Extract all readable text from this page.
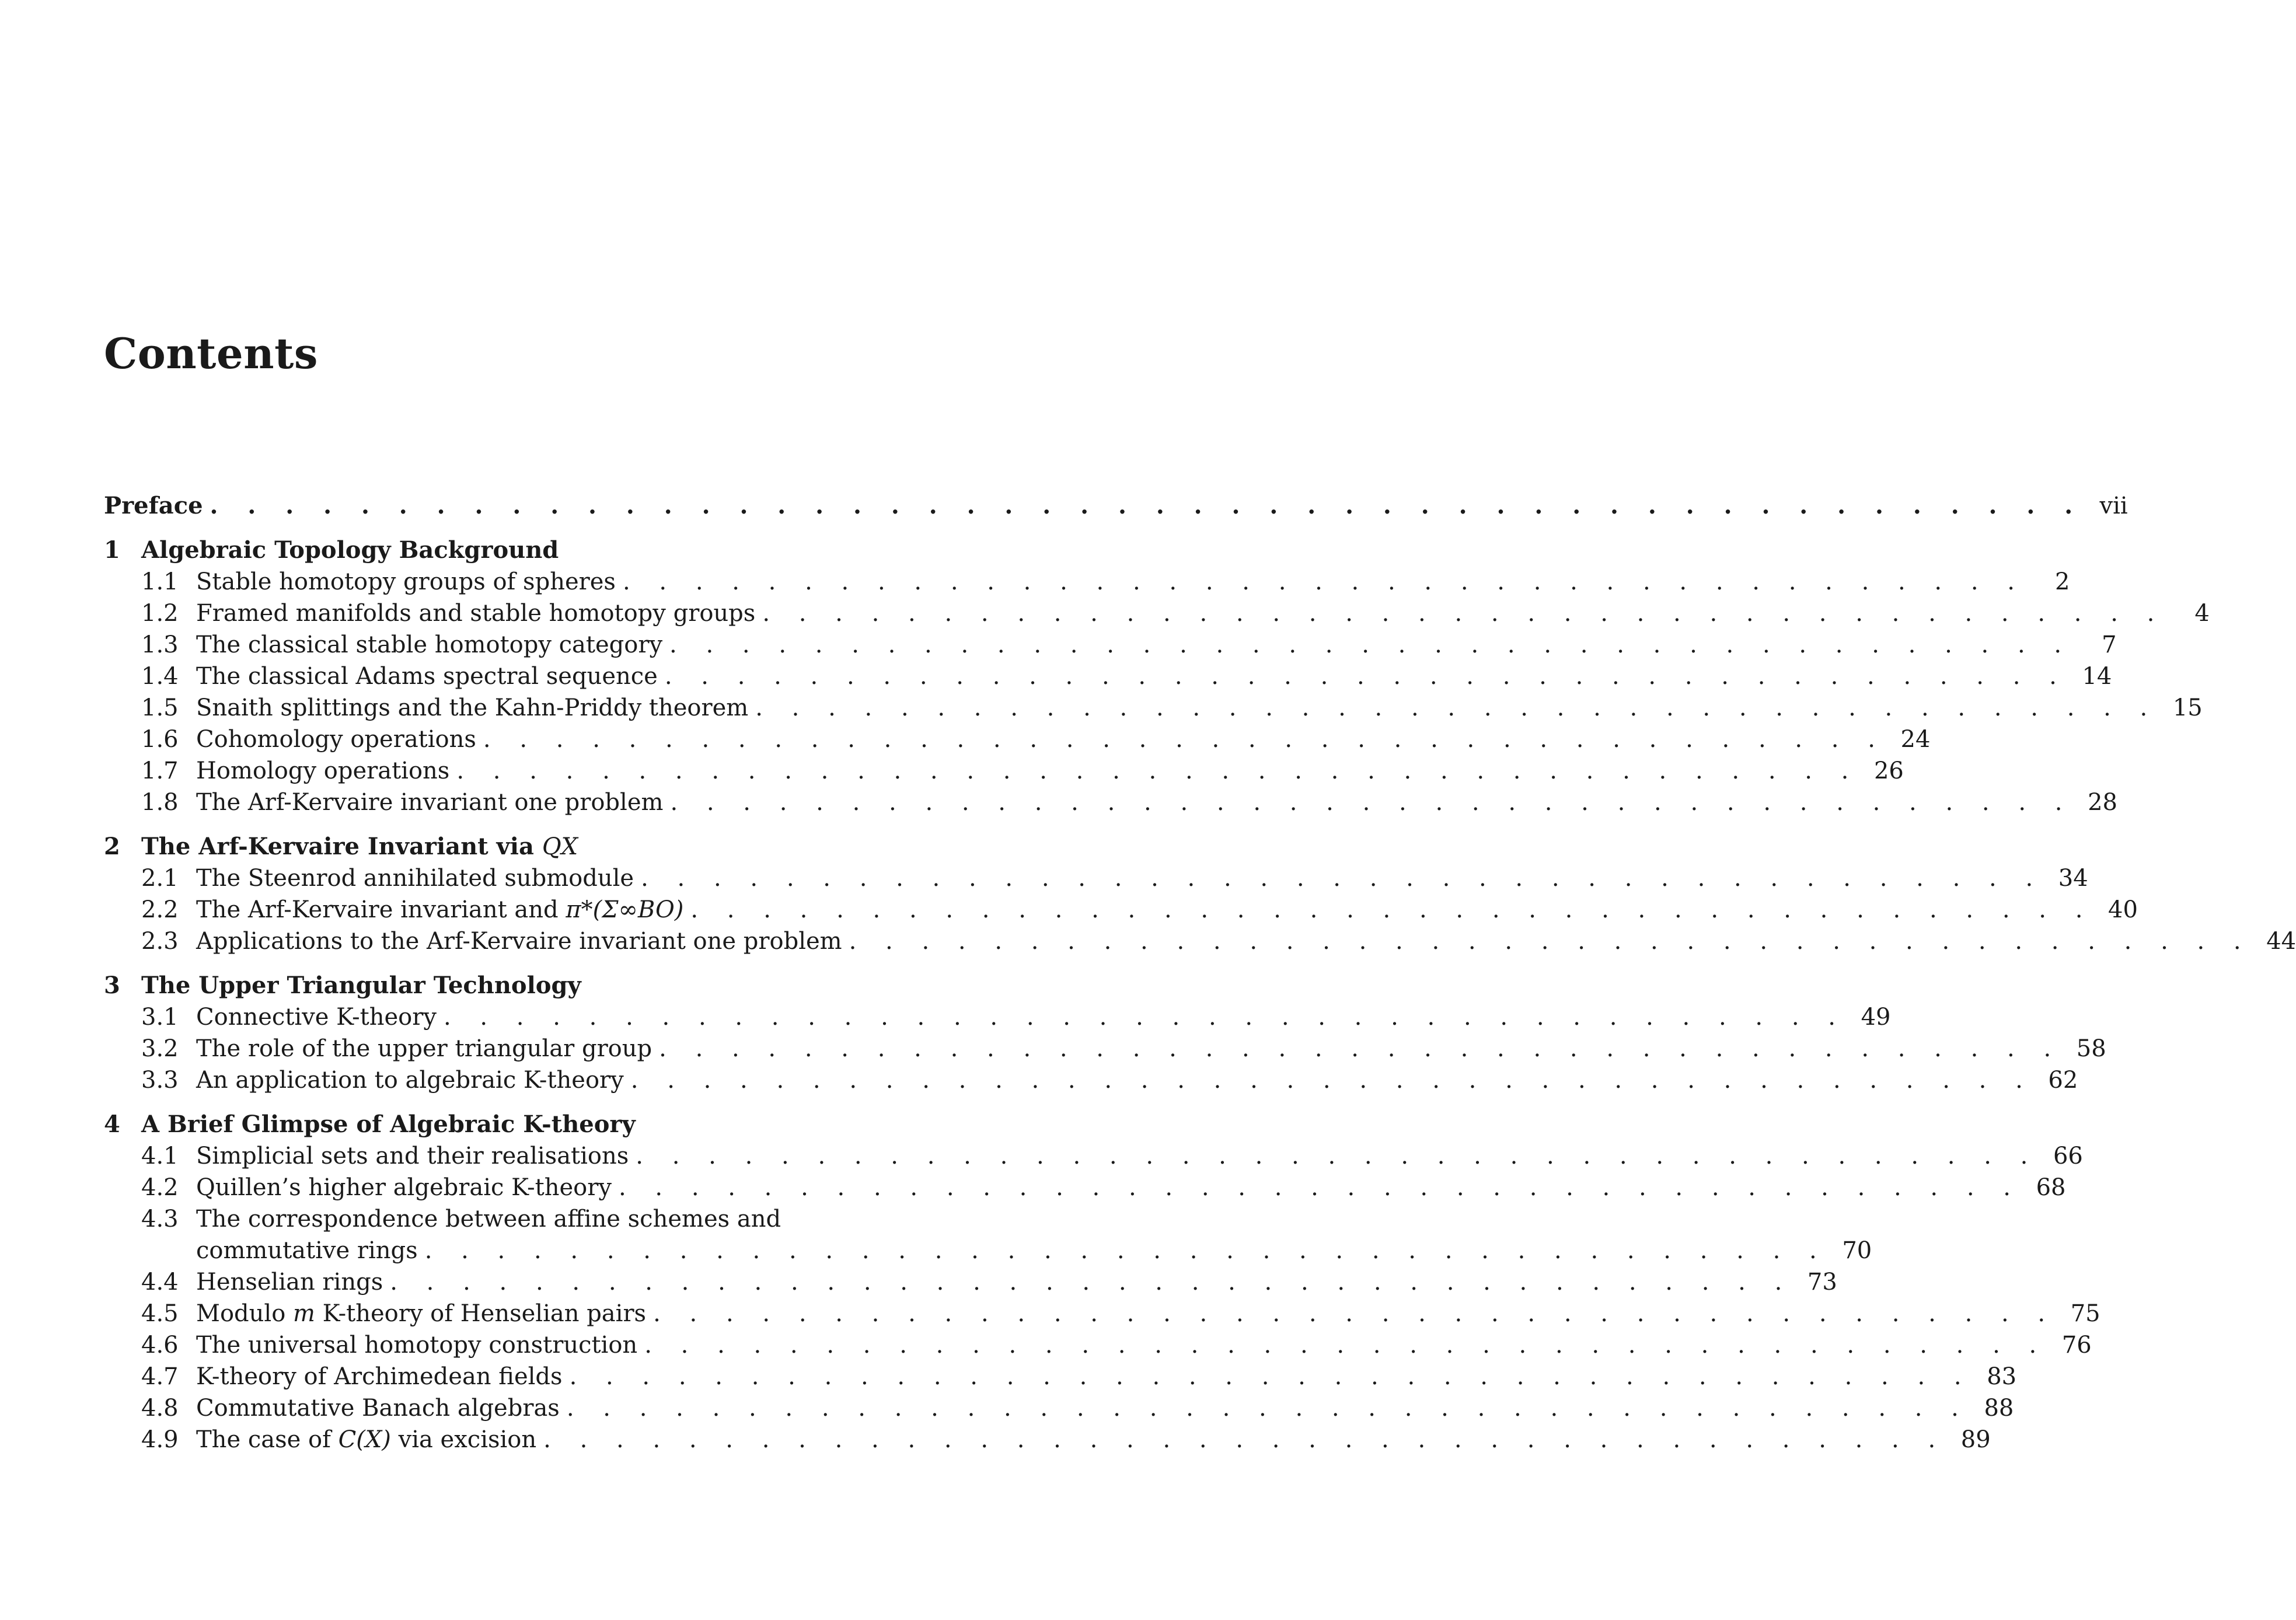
Contents
Preface . . . . . . . . . . . . . . . . . . . . . . . . . . . . . . . . . . . . . . . . . . . . . . . . . . vii
1 Algebraic Topology Background
1.1 Stable homotopy groups of spheres . . . . . . . . . . . . . . . . . . . . . . . . . . . . . . . . . . . . . . .	2
1.2 Framed manifolds and stable homotopy groups . . . . . . . . . . . . . . . . . . . . . . . . . . . . . . . . . . . . . . .	4
1.3 The classical stable homotopy category . . . . . . . . . . . . . . . . . . . . . . . . . . . . . . . . . . . . . . .	7
1.4 The classical Adams spectral sequence . . . . . . . . . . . . . . . . . . . . . . . . . . . . . . . . . . . . . . . 14
1.5 Snaith splittings and the Kahn-Priddy theorem . . . . . . . . . . . . . . . . . . . . . . . . . . . . . . . . . . . . . . . 15
1.6 Cohomology operations . . . . . . . . . . . . . . . . . . . . . . . . . . . . . . . . . . . . . . . 24
1.7 Homology operations . . . . . . . . . . . . . . . . . . . . . . . . . . . . . . . . . . . . . . . 26
1.8 The Arf-Kervaire invariant one problem . . . . . . . . . . . . . . . . . . . . . . . . . . . . . . . . . . . . . . . 28
2 The Arf-Kervaire Invariant via QX
2.1 The Steenrod annihilated submodule . . . . . . . . . . . . . . . . . . . . . . . . . . . . . . . . . . . . . . . 34
2.2 The Arf-Kervaire invariant and π*(Σ∞BO) . . . . . . . . . . . . . . . . . . . . . . . . . . . . . . . . . . . . . . . 40
2.3 Applications to the Arf-Kervaire invariant one problem . . . . . . . . . . . . . . . . . . . . . . . . . . . . . . . . . . . . . . . 44
3 The Upper Triangular Technology
3.1 Connective K-theory . . . . . . . . . . . . . . . . . . . . . . . . . . . . . . . . . . . . . . . 49
3.2 The role of the upper triangular group . . . . . . . . . . . . . . . . . . . . . . . . . . . . . . . . . . . . . . . 58
3.3 An application to algebraic K-theory . . . . . . . . . . . . . . . . . . . . . . . . . . . . . . . . . . . . . . . 62
4 A Brief Glimpse of Algebraic K-theory
4.1 Simplicial sets and their realisations . . . . . . . . . . . . . . . . . . . . . . . . . . . . . . . . . . . . . . . 66
4.2 Quillen’s higher algebraic K-theory . . . . . . . . . . . . . . . . . . . . . . . . . . . . . . . . . . . . . . . 68
4.3 The correspondence between affine schemes and
commutative rings . . . . . . . . . . . . . . . . . . . . . . . . . . . . . . . . . . . . . . . 70
4.4 Henselian rings . . . . . . . . . . . . . . . . . . . . . . . . . . . . . . . . . . . . . . . 73
4.5 Modulo m K-theory of Henselian pairs . . . . . . . . . . . . . . . . . . . . . . . . . . . . . . . . . . . . . . . 75
4.6 The universal homotopy construction . . . . . . . . . . . . . . . . . . . . . . . . . . . . . . . . . . . . . . . 76
4.7 K-theory of Archimedean fields . . . . . . . . . . . . . . . . . . . . . . . . . . . . . . . . . . . . . . . 83
4.8 Commutative Banach algebras . . . . . . . . . . . . . . . . . . . . . . . . . . . . . . . . . . . . . . . 88
4.9 The case of C(X) via excision . . . . . . . . . . . . . . . . . . . . . . . . . . . . . . . . . . . . . . . 89
